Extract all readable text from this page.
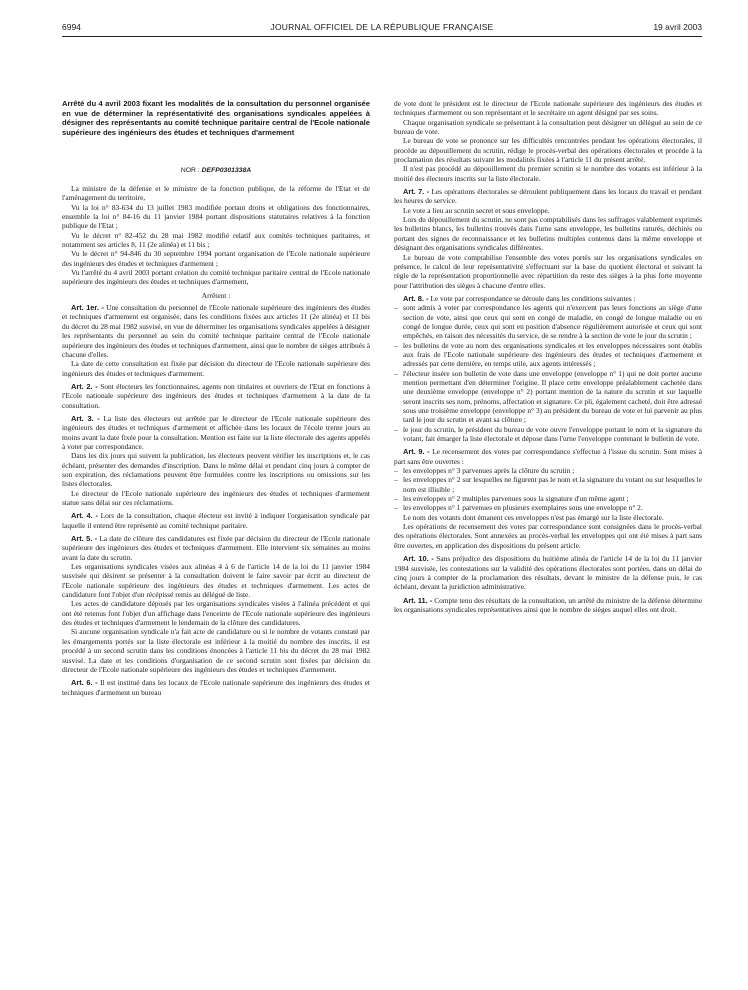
6994	JOURNAL OFFICIEL DE LA RÉPUBLIQUE FRANÇAISE	19 avril 2003
Arrêté du 4 avril 2003 fixant les modalités de la consultation du personnel organisée en vue de déterminer la représentativité des organisations syndicales appelées à désigner des représentants au comité technique paritaire central de l'Ecole nationale supérieure des ingénieurs des études et techniques d'armement
NOR : DEFP0301338A

La ministre de la défense et le ministre de la fonction publique, de la réforme de l'Etat et de l'aménagement du territoire,

Vu la loi n° 83-634 du 13 juillet 1983 modifiée portant droits et obligations des fonctionnaires, ensemble la loi n° 84-16 du 11 janvier 1984 portant dispositions statutaires relatives à la fonction publique de l'Etat ;

Vu le décret n° 82-452 du 28 mai 1982 modifié relatif aux comités techniques paritaires, et notamment ses articles 8, 11 (2e alinéa) et 11 bis ;

Vu le décret n° 94-846 du 30 septembre 1994 portant organisation de l'Ecole nationale supérieure des ingénieurs des études et techniques d'armement ;

Vu l'arrêté du 4 avril 2003 portant création du comité technique paritaire central de l'Ecole nationale supérieure des ingénieurs des études et techniques d'armement,

Arrêtent :

Art. 1er. - Une consultation du personnel de l'Ecole nationale supérieure des ingénieurs des études et techniques d'armement est organisée, dans les conditions fixées aux articles 11 (2e alinéa) et 11 bis du décret du 28 mai 1982 susvisé, en vue de déterminer les organisations syndicales appelées à désigner les représentants du personnel au sein du comité technique paritaire central de l'Ecole nationale supérieure des ingénieurs des études et techniques d'armement, ainsi que le nombre de sièges attribués à chacune d'elles.

La date de cette consultation est fixée par décision du directeur de l'Ecole nationale supérieure des ingénieurs des études et techniques d'armement.

Art. 2. - Sont électeurs les fonctionnaires, agents non titulaires et ouvriers de l'Etat en fonctions à l'Ecole nationale supérieure des ingénieurs des études et techniques d'armement à la date de la consultation.

Art. 3. - La liste des électeurs est arrêtée par le directeur de l'Ecole nationale supérieure des ingénieurs des études et techniques d'armement et affichée dans les locaux de l'école trente jours au moins avant la date fixée pour la consultation. Mention est faite sur la liste électorale des agents appelés à voter par correspondance.

Dans les dix jours qui suivent la publication, les électeurs peuvent vérifier les inscriptions et, le cas échéant, présenter des demandes d'inscription. Dans le même délai et pendant cinq jours à compter de son expiration, des réclamations peuvent être formulées contre les inscriptions ou omissions sur les listes électorales.

Le directeur de l'Ecole nationale supérieure des ingénieurs des études et techniques d'armement statue sans délai sur ces réclamations.

Art. 4. - Lors de la consultation, chaque électeur est invité à indiquer l'organisation syndicale par laquelle il entend être représenté au comité technique paritaire.

Art. 5. - La date de clôture des candidatures est fixée par décision du directeur de l'Ecole nationale supérieure des ingénieurs des études et techniques d'armement. Elle intervient six semaines au moins avant la date du scrutin.

Les organisations syndicales visées aux alinéas 4 à 6 de l'article 14 de la loi du 11 janvier 1984 susvisée qui désirent se présenter à la consultation doivent le faire savoir par écrit au directeur de l'Ecole nationale supérieure des ingénieurs des études et techniques d'armement. Les actes de candidature font l'objet d'un récépissé remis au délégué de liste.

Les actes de candidature déposés par les organisations syndicales visées à l'alinéa précédent et qui ont été retenus font l'objet d'un affichage dans l'enceinte de l'Ecole nationale supérieure des ingénieurs des études et techniques d'armement le lendemain de la clôture des candidatures.

Si aucune organisation syndicale n'a fait acte de candidature ou si le nombre de votants constaté par les émargements portés sur la liste électorale est inférieur à la moitié du nombre des inscrits, il est procédé à un second scrutin dans les conditions énoncées à l'article 11 bis du décret du 28 mai 1982 susvisé. La date et les conditions d'organisation de ce second scrutin sont fixées par décision du directeur de l'Ecole nationale supérieure des ingénieurs des études et techniques d'armement.

Art. 6. - Il est institué dans les locaux de l'Ecole nationale supérieure des ingénieurs des études et techniques d'armement un bureau

de vote dont le président est le directeur de l'Ecole nationale supérieure des ingénieurs des études et techniques d'armement ou son représentant et le secrétaire un agent désigné par ses soins.

Chaque organisation syndicale se présentant à la consultation peut désigner un délégué au sein de ce bureau de vote.

Le bureau de vote se prononce sur les difficultés rencontrées pendant les opérations électorales, il procède au dépouillement du scrutin, rédige le procès-verbal des opérations électorales et procède à la proclamation des résultats suivant les modalités fixées à l'article 11 du présent arrêté.

Il n'est pas procédé au dépouillement du premier scrutin si le nombre des votants est inférieur à la moitié des électeurs inscrits sur la liste électorale.

Art. 7. - Les opérations électorales se déroulent publiquement dans les locaux du travail et pendant les heures de service.

Le vote a lieu au scrutin secret et sous enveloppe.

Lors du dépouillement du scrutin, ne sont pas comptabilisés dans les suffrages valablement exprimés les bulletins blancs, les bulletins trouvés dans l'urne sans enveloppe, les bulletins raturés, déchirés ou portant des signes de reconnaissance et les bulletins multiples contenus dans la même enveloppe et désignant des organisations syndicales différentes.

Le bureau de vote comptabilise l'ensemble des votes portés sur les organisations syndicales en présence, le calcul de leur représentativité s'effectuant sur la base du quotient électoral et suivant la règle de la représentation proportionnelle avec répartition du reste des sièges à la plus forte moyenne pour l'attribution des sièges à chacune d'entre elles.

Art. 8. - Le vote par correspondance se déroule dans les conditions suivantes :

– sont admis à voter par correspondance les agents qui n'exercent pas leurs fonctions au siège d'une section de vote, ainsi que ceux qui sont en congé de maladie, en congé de longue maladie ou en congé de longue durée, ceux qui sont en position d'absence régulièrement autorisée et ceux qui sont empêchés, en raison des nécessités du service, de se rendre à la section de vote le jour du scrutin ;
– les bulletins de vote au nom des organisations syndicales et les enveloppes nécessaires sont établis aux frais de l'Ecole nationale supérieure des ingénieurs des études et techniques d'armement et adressés par cette dernière, en temps utile, aux agents intéressés ;
– l'électeur insère son bulletin de vote dans une enveloppe (enveloppe n° 1) qui ne doit porter aucune mention permettant d'en déterminer l'origine. Il place cette enveloppe préalablement cachetée dans une deuxième enveloppe (enveloppe n° 2) portant mention de la nature du scrutin et sur laquelle seront inscrits ses nom, prénoms, affectation et signature. Ce pli, également cacheté, doit être adressé sous une troisième enveloppe (enveloppe n° 3) au président du bureau de vote et lui parvenir au plus tard le jour du scrutin et avant sa clôture ;
– le jour du scrutin, le président du bureau de vote ouvre l'enveloppe portant le nom et la signature du votant, fait émarger la liste électorale et dépose dans l'urne l'enveloppe contenant le bulletin de vote.

Art. 9. - Le recensement des votes par correspondance s'effectue à l'issue du scrutin. Sont mises à part sans être ouvertes :

– les enveloppes n° 3 parvenues après la clôture du scrutin ;
– les enveloppes n° 2 sur lesquelles ne figurent pas le nom et la signature du votant ou sur lesquelles le nom est illisible ;
– les enveloppes n° 2 multiples parvenues sous la signature d'un même agent ;
– les enveloppes n° 1 parvenues en plusieurs exemplaires sous une enveloppe n° 2.

Le nom des votants dont émanent ces enveloppes n'est pas émargé sur la liste électorale.

Les opérations de recensement des votes par correspondance sont consignées dans le procès-verbal des opérations électorales. Sont annexées au procès-verbal les enveloppes qui ont été mises à part sans être ouvertes, en application des dispositions du présent article.

Art. 10. - Sans préjudice des dispositions du huitième alinéa de l'article 14 de la loi du 11 janvier 1984 susvisée, les contestations sur la validité des opérations électorales sont portées, dans un délai de cinq jours à compter de la proclamation des résultats, devant le ministre de la défense puis, le cas échéant, devant la juridiction administrative.

Art. 11. - Compte tenu des résultats de la consultation, un arrêté du ministre de la défense détermine les organisations syndicales représentatives ainsi que le nombre de sièges auquel elles ont droit.
